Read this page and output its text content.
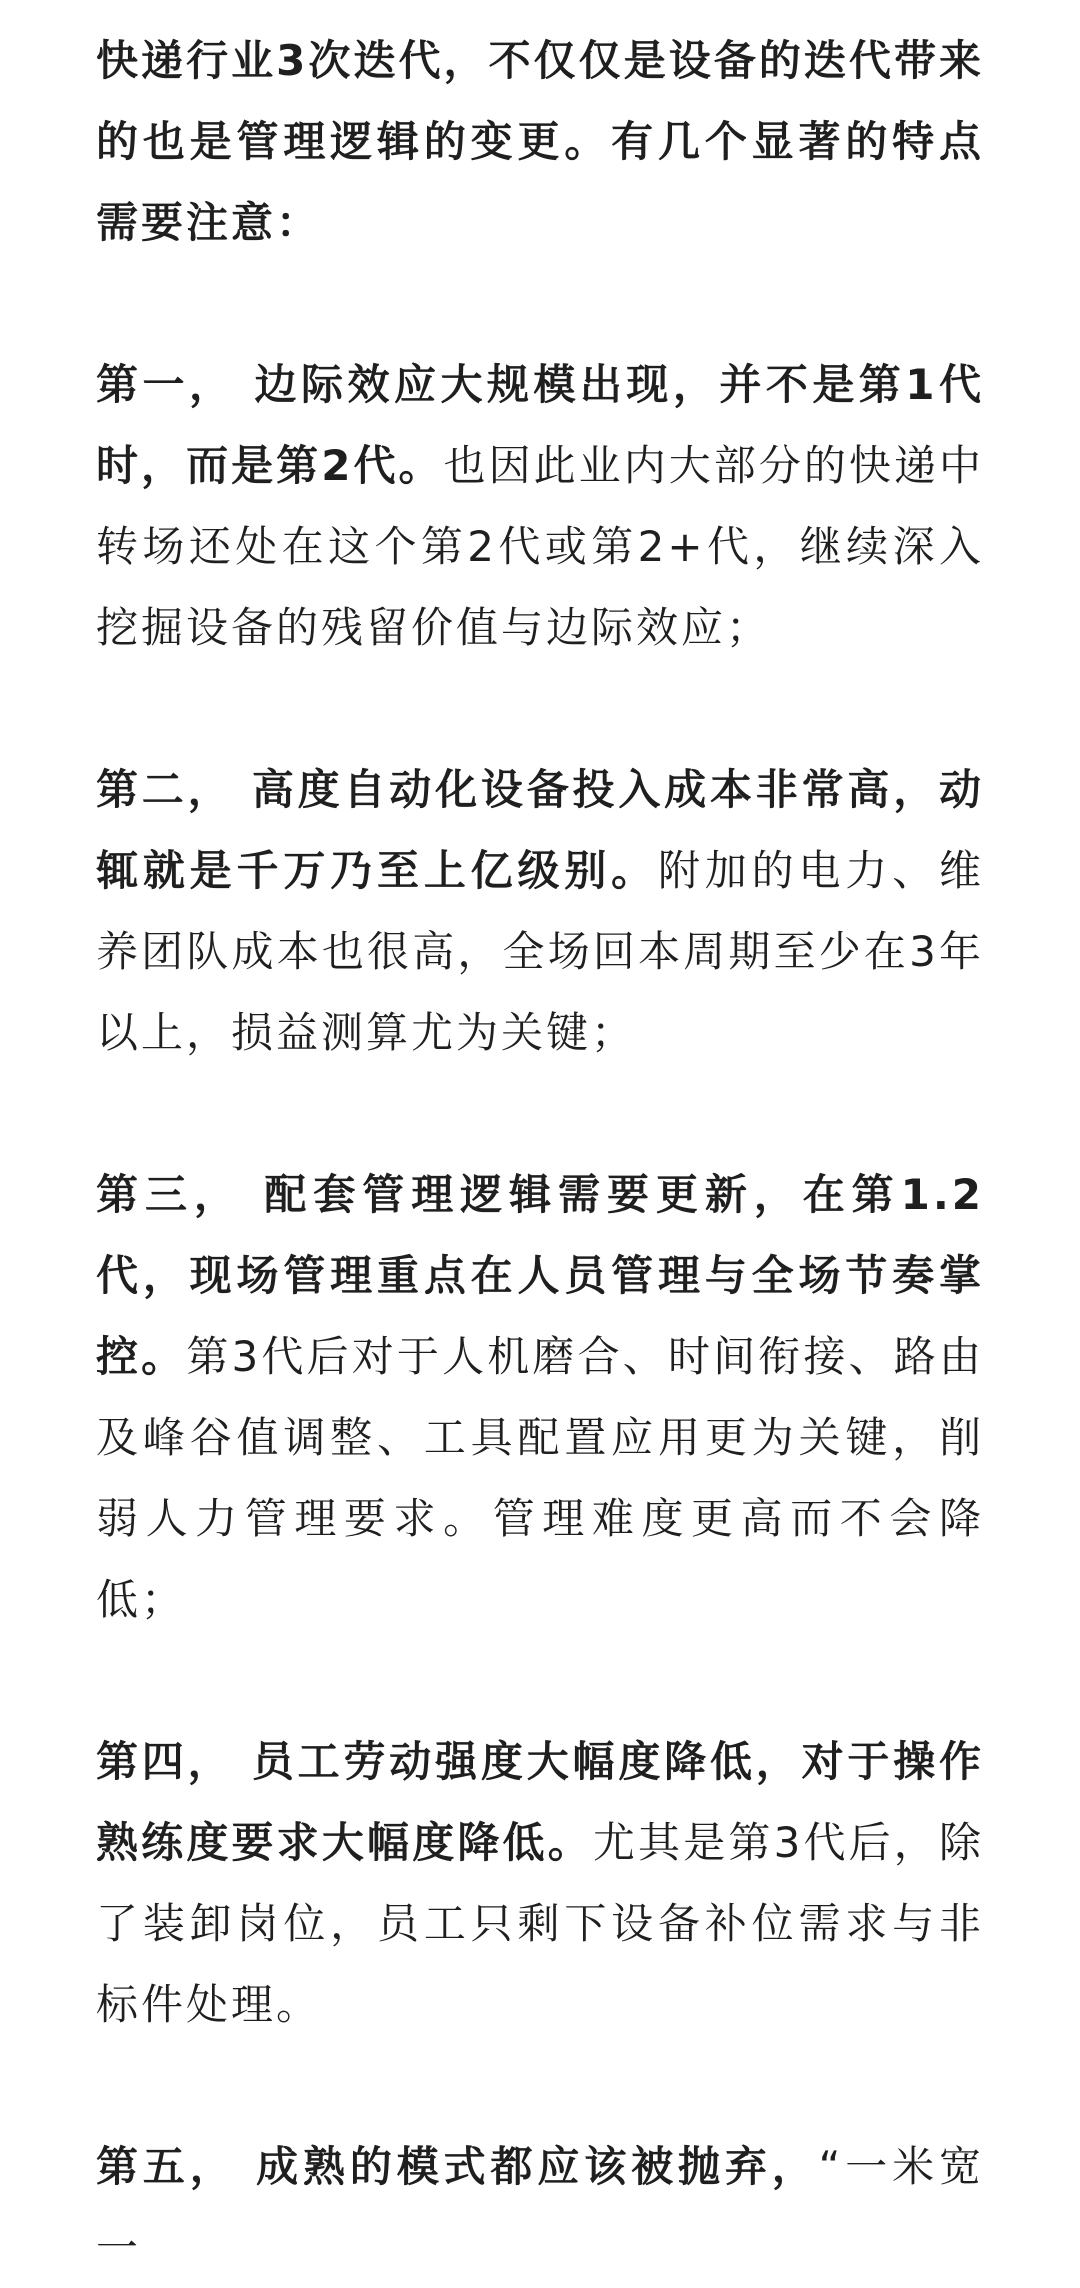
快递行业3次迭代，不仅仅是设备的迭代带来的也是管理逻辑的变更。有几个显著的特点需要注意：

第一， 边际效应大规模出现，并不是第1代时，而是第2代。也因此业内大部分的快递中转场还处在这个第2代或第2+代，继续深入挖掘设备的残留价值与边际效应；

第二， 高度自动化设备投入成本非常高，动辄就是千万乃至上亿级别。附加的电力、维养团队成本也很高，全场回本周期至少在3年以上，损益测算尤为关键；

第三， 配套管理逻辑需要更新，在第1.2代，现场管理重点在人员管理与全场节奏掌控。第3代后对于人机磨合、时间衔接、路由及峰谷值调整、工具配置应用更为关键，削弱人力管理要求。管理难度更高而不会降低；

第四， 员工劳动强度大幅度降低，对于操作熟练度要求大幅度降低。尤其是第3代后，除了装卸岗位，员工只剩下设备补位需求与非标件处理。

第五， 成熟的模式都应该被抛弃，“一米宽一
